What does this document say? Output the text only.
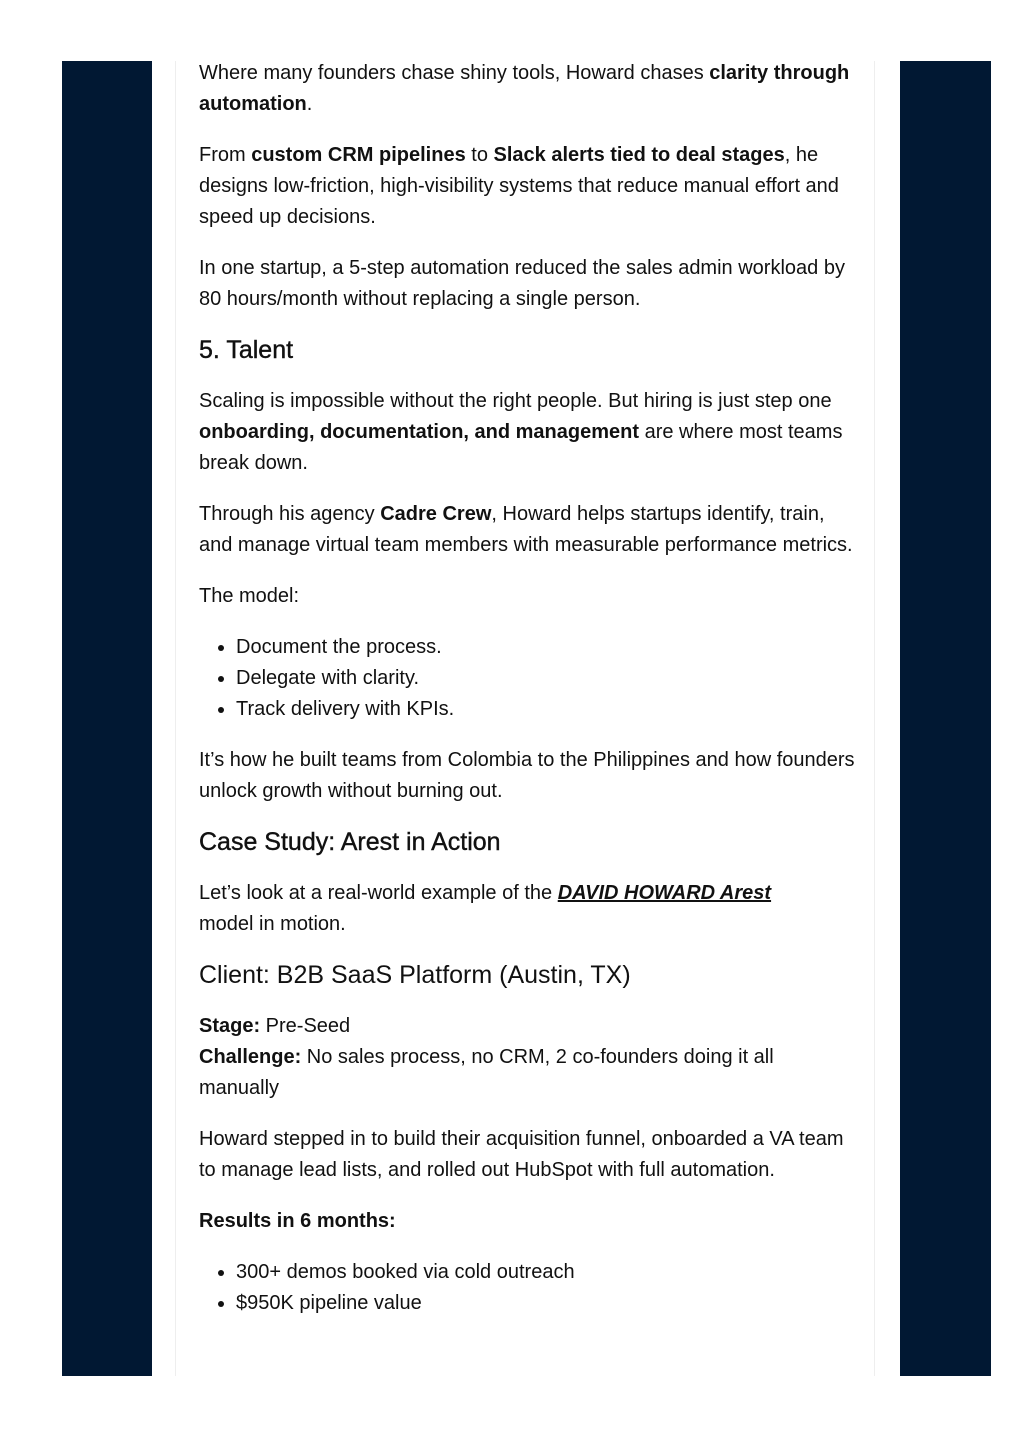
Where many founders chase shiny tools, Howard chases clarity through automation.

From custom CRM pipelines to Slack alerts tied to deal stages, he designs low-friction, high-visibility systems that reduce manual effort and speed up decisions.

In one startup, a 5-step automation reduced the sales admin workload by 80 hours/month without replacing a single person.

5. Talent

Scaling is impossible without the right people. But hiring is just step one onboarding, documentation, and management are where most teams break down.

Through his agency Cadre Crew, Howard helps startups identify, train, and manage virtual team members with measurable performance metrics.

The model:

• Document the process.
• Delegate with clarity.
• Track delivery with KPIs.

It’s how he built teams from Colombia to the Philippines and how founders unlock growth without burning out.

Case Study: Arest in Action

Let’s look at a real-world example of the DAVID HOWARD Arest
model in motion.

Client: B2B SaaS Platform (Austin, TX)

Stage: Pre-Seed
Challenge: No sales process, no CRM, 2 co-founders doing it all manually

Howard stepped in to build their acquisition funnel, onboarded a VA team to manage lead lists, and rolled out HubSpot with full automation.

Results in 6 months:

• 300+ demos booked via cold outreach
• $950K pipeline value
